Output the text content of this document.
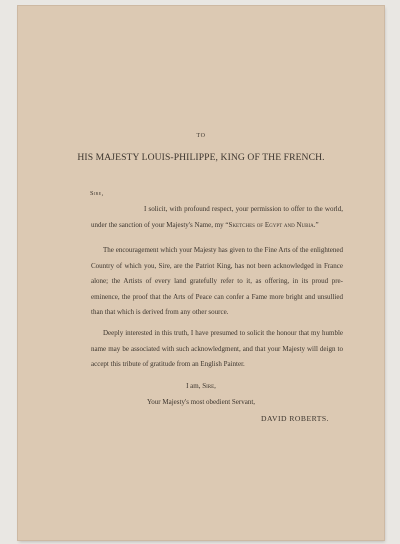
TO
HIS MAJESTY LOUIS-PHILIPPE, KING OF THE FRENCH.
Sire,
I solicit, with profound respect, your permission to offer to the world, under the sanction of your Majesty's Name, my “Sketches of Egypt and Nubia.”
The encouragement which your Majesty has given to the Fine Arts of the enlightened Country of which you, Sire, are the Patriot King, has not been acknowledged in France alone; the Artists of every land gratefully refer to it, as offering, in its proud pre-eminence, the proof that the Arts of Peace can confer a Fame more bright and unsullied than that which is derived from any other source.
Deeply interested in this truth, I have presumed to solicit the honour that my humble name may be associated with such acknowledgment, and that your Majesty will deign to accept this tribute of gratitude from an English Painter.
I am, Sire,
Your Majesty's most obedient Servant,
DAVID ROBERTS.
